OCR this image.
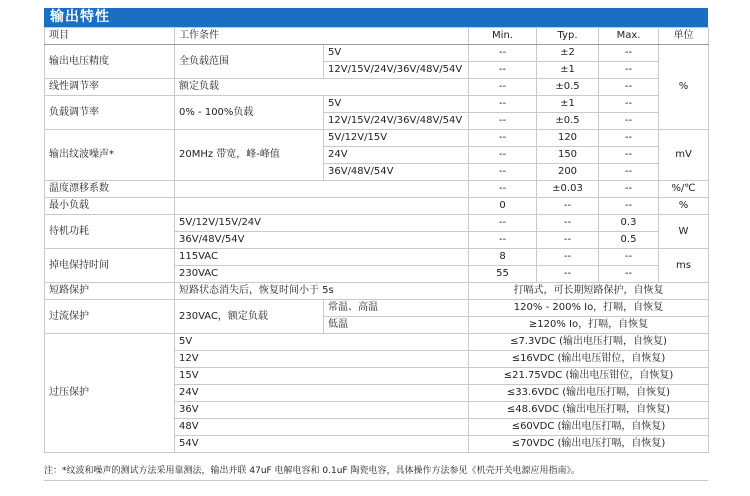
输出特性
项目	工作条件		Min.	Typ.	Max.	单位
输出电压精度	全负载范围	5V	--	±2	--	%
		12V/15V/24V/36V/48V/54V	--	±1	--	
线性调节率	额定负载		--	±0.5	--	
负载调节率	0% - 100%负载	5V	--	±1	--	
		12V/15V/24V/36V/48V/54V	--	±0.5	--	
输出纹波噪声*	20MHz 带宽，峰-峰值	5V/12V/15V	--	120	--	mV
		24V	--	150	--	
		36V/48V/54V	--	200	--	
温度漂移系数			--	±0.03	--	%/℃
最小负载			0	--	--	%
待机功耗	5V/12V/15V/24V		--	--	0.3	W
	36V/48V/54V		--	--	0.5	
掉电保持时间	115VAC		8	--	--	ms
	230VAC		55	--	--	
短路保护	短路状态消失后，恢复时间小于 5s		打嗝式，可长期短路保护，自恢复			
过流保护	230VAC，额定负载	常温、高温	120% - 200% Io，打嗝，自恢复			
		低温	≥120% Io，打嗝，自恢复			
过压保护	5V		≤7.3VDC (输出电压打嗝，自恢复)			
	12V		≤16VDC (输出电压钳位，自恢复)			
	15V		≤21.75VDC (输出电压钳位，自恢复)			
	24V		≤33.6VDC (输出电压打嗝，自恢复)			
	36V		≤48.6VDC (输出电压打嗝，自恢复)			
	48V		≤60VDC (输出电压打嗝，自恢复)			
	54V		≤70VDC (输出电压打嗝，自恢复)			
注：*纹波和噪声的测试方法采用靠测法，输出并联 47uF 电解电容和 0.1uF 陶瓷电容，具体操作方法参见《机壳开关电源应用指南》。
